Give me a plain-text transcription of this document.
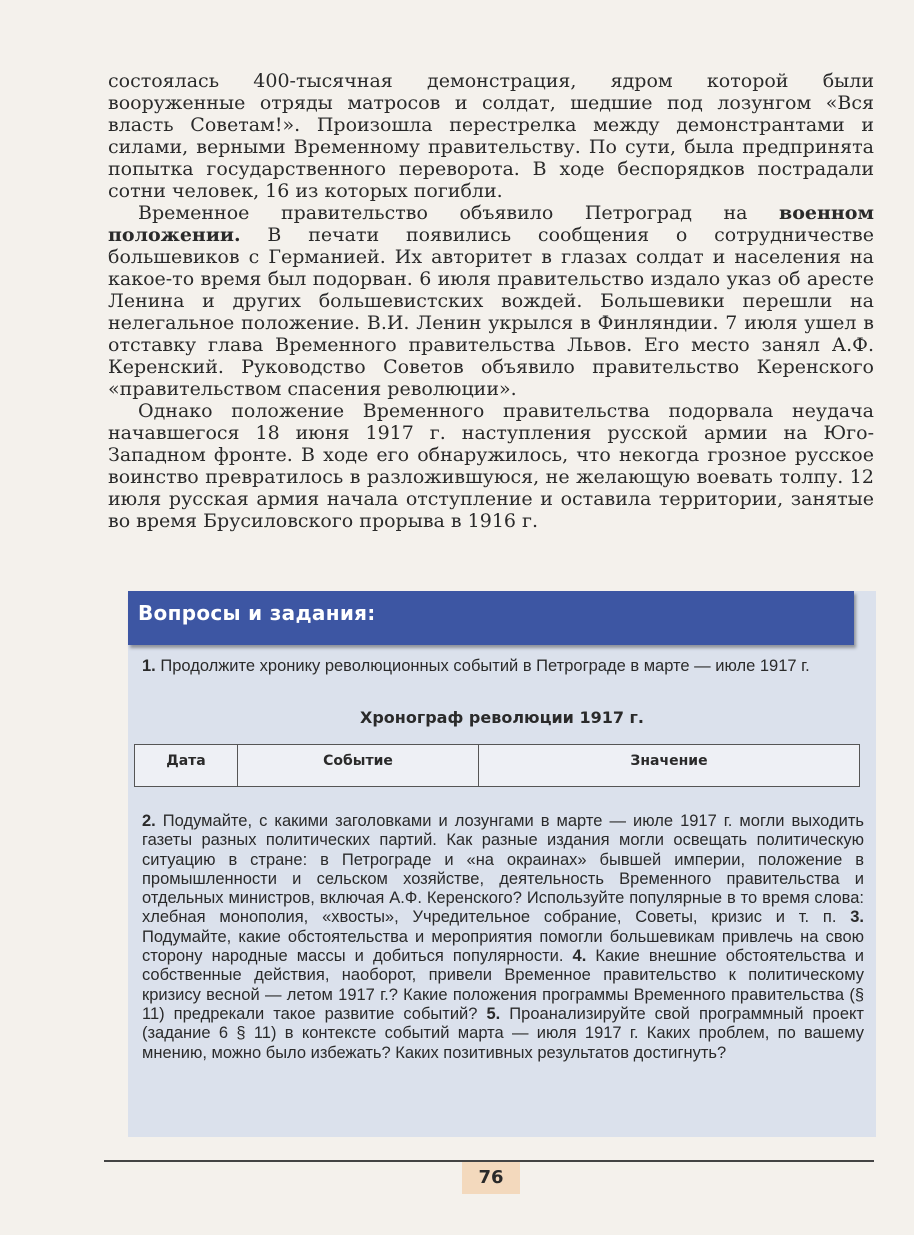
состоялась 400-тысячная демонстрация, ядром которой были вооруженные отряды матросов и солдат, шедшие под лозунгом «Вся власть Советам!». Произошла перестрелка между демонстрантами и силами, верными Временному правительству. По сути, была предпринята попытка государственного переворота. В ходе беспорядков пострадали сотни человек, 16 из которых погибли.

Временное правительство объявило Петроград на военном положении. В печати появились сообщения о сотрудничестве большевиков с Германией. Их авторитет в глазах солдат и населения на какое-то время был подорван. 6 июля правительство издало указ об аресте Ленина и других большевистских вождей. Большевики перешли на нелегальное положение. В.И. Ленин укрылся в Финляндии. 7 июля ушел в отставку глава Временного правительства Львов. Его место занял А.Ф. Керенский. Руководство Советов объявило правительство Керенского «правительством спасения революции».

Однако положение Временного правительства подорвала неудача начавшегося 18 июня 1917 г. наступления русской армии на Юго-Западном фронте. В ходе его обнаружилось, что некогда грозное русское воинство превратилось в разложившуюся, не желающую воевать толпу. 12 июля русская армия начала отступление и оставила территории, занятые во время Брусиловского прорыва в 1916 г.

Вопросы и задания:
1. Продолжите хронику революционных событий в Петрограде в марте — июле 1917 г.
Хронограф революции 1917 г.
Дата	Событие	Значение
2. Подумайте, с какими заголовками и лозунгами в марте — июле 1917 г. могли выходить газеты разных политических партий. Как разные издания могли освещать политическую ситуацию в стране: в Петрограде и «на окраинах» бывшей империи, положение в промышленности и сельском хозяйстве, деятельность Временного правительства и отдельных министров, включая А.Ф. Керенского? Используйте популярные в то время слова: хлебная монополия, «хвосты», Учредительное собрание, Советы, кризис и т. п. 3. Подумайте, какие обстоятельства и мероприятия помогли большевикам привлечь на свою сторону народные массы и добиться популярности. 4. Какие внешние обстоятельства и собственные действия, наоборот, привели Временное правительство к политическому кризису весной — летом 1917 г.? Какие положения программы Временного правительства (§ 11) предрекали такое развитие событий? 5. Проанализируйте свой программный проект (задание 6 § 11) в контексте событий марта — июля 1917 г. Каких проблем, по вашему мнению, можно было избежать? Каких позитивных результатов достигнуть?
76
